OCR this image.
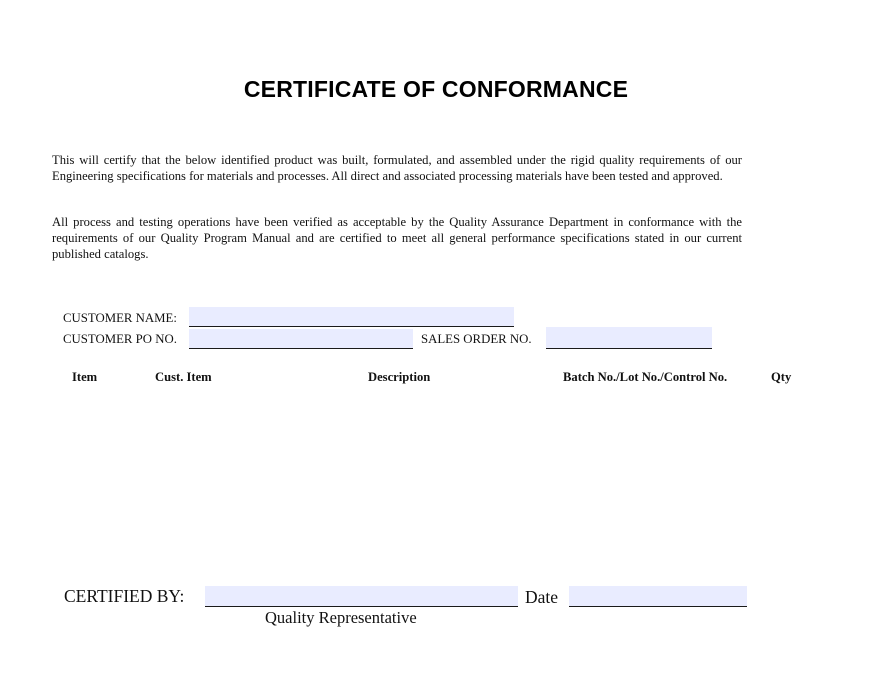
CERTIFICATE OF CONFORMANCE
This will certify that the below identified product was built, formulated, and assembled under the rigid quality requirements of our Engineering specifications for materials and processes. All direct and associated processing materials have been tested and approved.
All process and testing operations have been verified as acceptable by the Quality Assurance Department in conformance with the requirements of our Quality Program Manual and are certified to meet all general performance specifications stated in our current published catalogs.
CUSTOMER NAME:
CUSTOMER PO NO.	SALES ORDER NO.
Item	Cust. Item	Description	Batch No./Lot No./Control No.	Qty
CERTIFIED BY:	Date
Quality Representative
